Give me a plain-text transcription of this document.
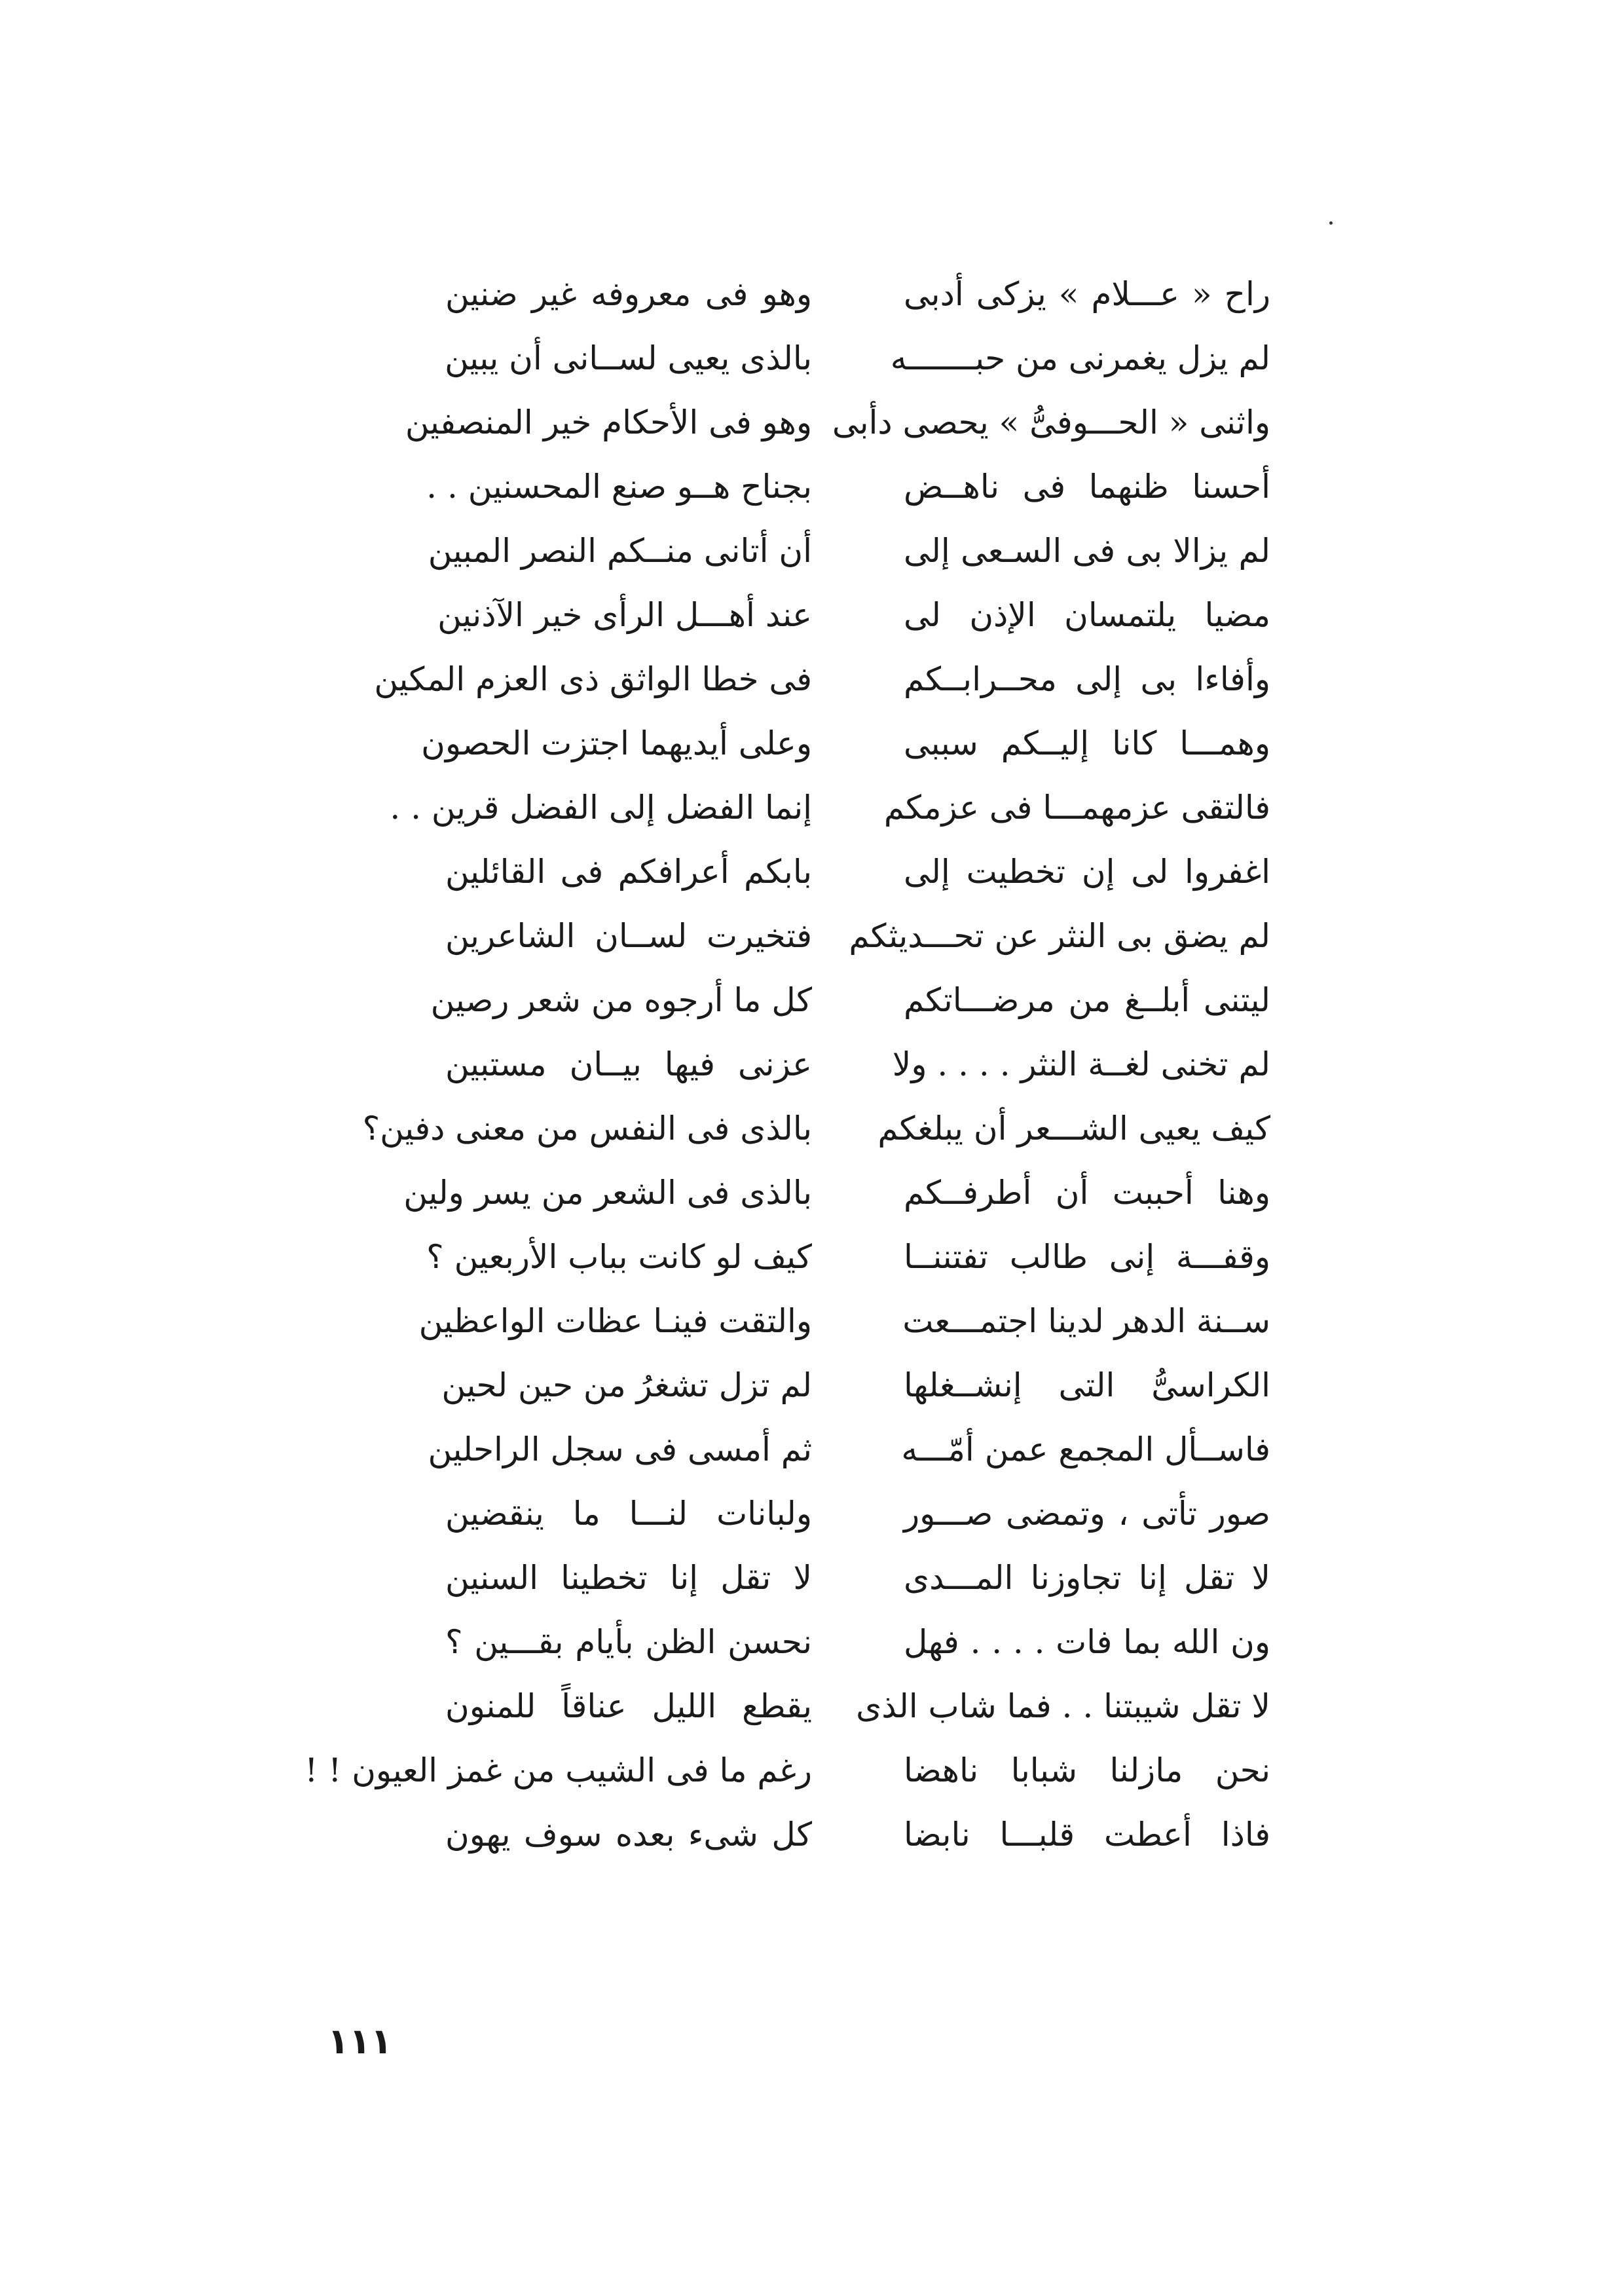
راح « عـــلام » يزكى أدبى
وهو فى معروفه غير ضنين
لم يزل يغمرنى من حبـــــــه
بالذى يعيى لســانى أن يبين
واثنى « الحـــوفىُّ » يحصى دأبى
وهو فى الأحكام خير المنصفين
أحسنا ظنهما فى ناهــض
بجناح هــو صنع المحسنين . .
لم يزالا بى فى السـعى إلى
أن أتانى منــكم النصر المبين
مضيا يلتمسان الإذن لى
عند أهـــل الرأى خير الآذنين
وأفاءا بى إلى محــرابــكم
فى خطا الواثق ذى العزم المكين
وهمـــا كانا إليــكم سببى
وعلى أيديهما اجتزت الحصون
فالتقى عزمهمـــا فى عزمكم
إنما الفضل إلى الفضل قرين . .
اغفروا لى إن تخطيت إلى
بابكم أعرافكم فى القائلين
لم يضق بى النثر عن تحـــديثكم
فتخيرت لســان الشاعرين
ليتنى أبلــغ من مرضـــاتكم
كل ما أرجوه من شعر رصين
لم تخنى لغــة النثر . . . . ولا
عزنى فيها بيــان مستبين
كيف يعيى الشـــعر أن يبلغكم
بالذى فى النفس من معنى دفين؟
وهنا أحببت أن أطرفــكم
بالذى فى الشعر من يسر ولين
وقفـــة إنى طالب تفتننــا
كيف لو كانت بباب الأربعين ؟
ســنة الدهر لدينا اجتمـــعت
والتقت فينـا عظات الواعظين
الكراسىُّ التى إنشــغلها
لم تزل تشغرُ من حين لحين
فاســأل المجمع عمن أمّـــه
ثم أمسى فى سجل الراحلين
صور تأتى ، وتمضى صـــور
ولبانات لنـــا ما ينقضين
لا تقل إنا تجاوزنا المـــدى
لا تقل إنا تخطينا السنين
ون الله بما فات . . . . فهل
نحسن الظن بأيام بقـــين ؟
لا تقل شيبتنا . . فما شاب الذى
يقطع الليل عناقاً للمنون
نحن مازلنا شبابا ناهضا
رغم ما فى الشيب من غمز العيون ! !
فاذا أعطت قلبـــا نابضا
كل شىء بعده سوف يهون
١١١
